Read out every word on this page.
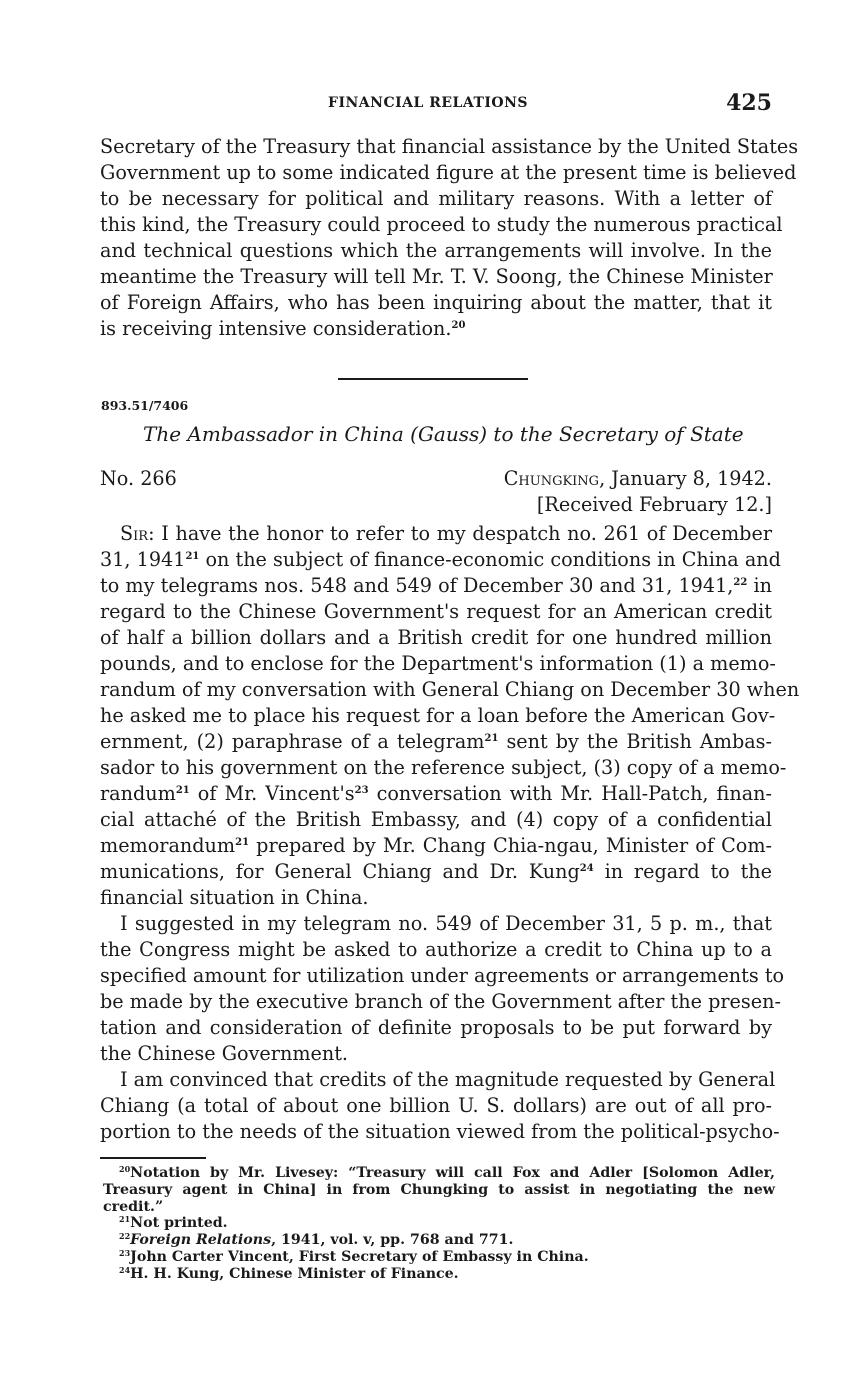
FINANCIAL RELATIONS	425
Secretary of the Treasury that financial assistance by the United States
Government up to some indicated figure at the present time is believed
to be necessary for political and military reasons. With a letter of
this kind, the Treasury could proceed to study the numerous practical
and technical questions which the arrangements will involve. In the
meantime the Treasury will tell Mr. T. V. Soong, the Chinese Minister
of Foreign Affairs, who has been inquiring about the matter, that it
is receiving intensive consideration.$^{20}$
893.51/7406
The Ambassador in China (Gauss) to the Secretary of State
No. 266	Chungking, January 8, 1942.
[Received February 12.]
Sir: I have the honor to refer to my despatch no. 261 of December
31, 1941$^{21}$ on the subject of finance-economic conditions in China and
to my telegrams nos. 548 and 549 of December 30 and 31, 1941,22 in
regard to the Chinese Government's request for an American credit
of half a billion dollars and a British credit for one hundred million
pounds, and to enclose for the Department's information (1) a memo-
randum of my conversation with General Chiang on December 30 when
he asked me to place his request for a loan before the American Gov-
ernment, (2) paraphrase of a telegram$^{21}$ sent by the British Ambas-
sador to his government on the reference subject, (3) copy of a memo-
randum$^{21}$ of Mr. $Vincent's^{23}$ conversation with Mr. Hall-Patch, finan-
cial attaché of the British Embassy, and (4) copy of a confidential
memorandum$^{21}$ prepared by Mr. Chang Chia-ngau, Minister of Com-
munications, for General Chiang and Dr. Kung$^{24}$ in regard to the
financial situation in China.
I suggested in my telegram no. 549 of December 31, 5 p. m., that
the Congress might be asked to authorize a credit to China up to a
specified amount for utilization under agreements or arrangements to
be made by the executive branch of the Government after the presen-
tation and consideration of definite proposals to be put forward by
the Chinese Government.
I am convinced that credits of the magnitude requested by General
Chiang (a total of about one billion U. S. dollars) are out of all pro-
portion to the needs of the situation viewed from the political-psycho-
$^{20}$Notation by Mr. Livesey: “Treasury will call Fox and Adler [Solomon Adler,
Treasury agent in China] in from Chungking to assist in negotiating the new
credit.”
$^{21}$Not printed.
$^{22}$Foreign Relations, 1941, vol. v, pp. 768 and 771.
$^{23}$John Carter Vincent, First Secretary of Embassy in China.
$^{24}$H. H. Kung, Chinese Minister of Finance.
